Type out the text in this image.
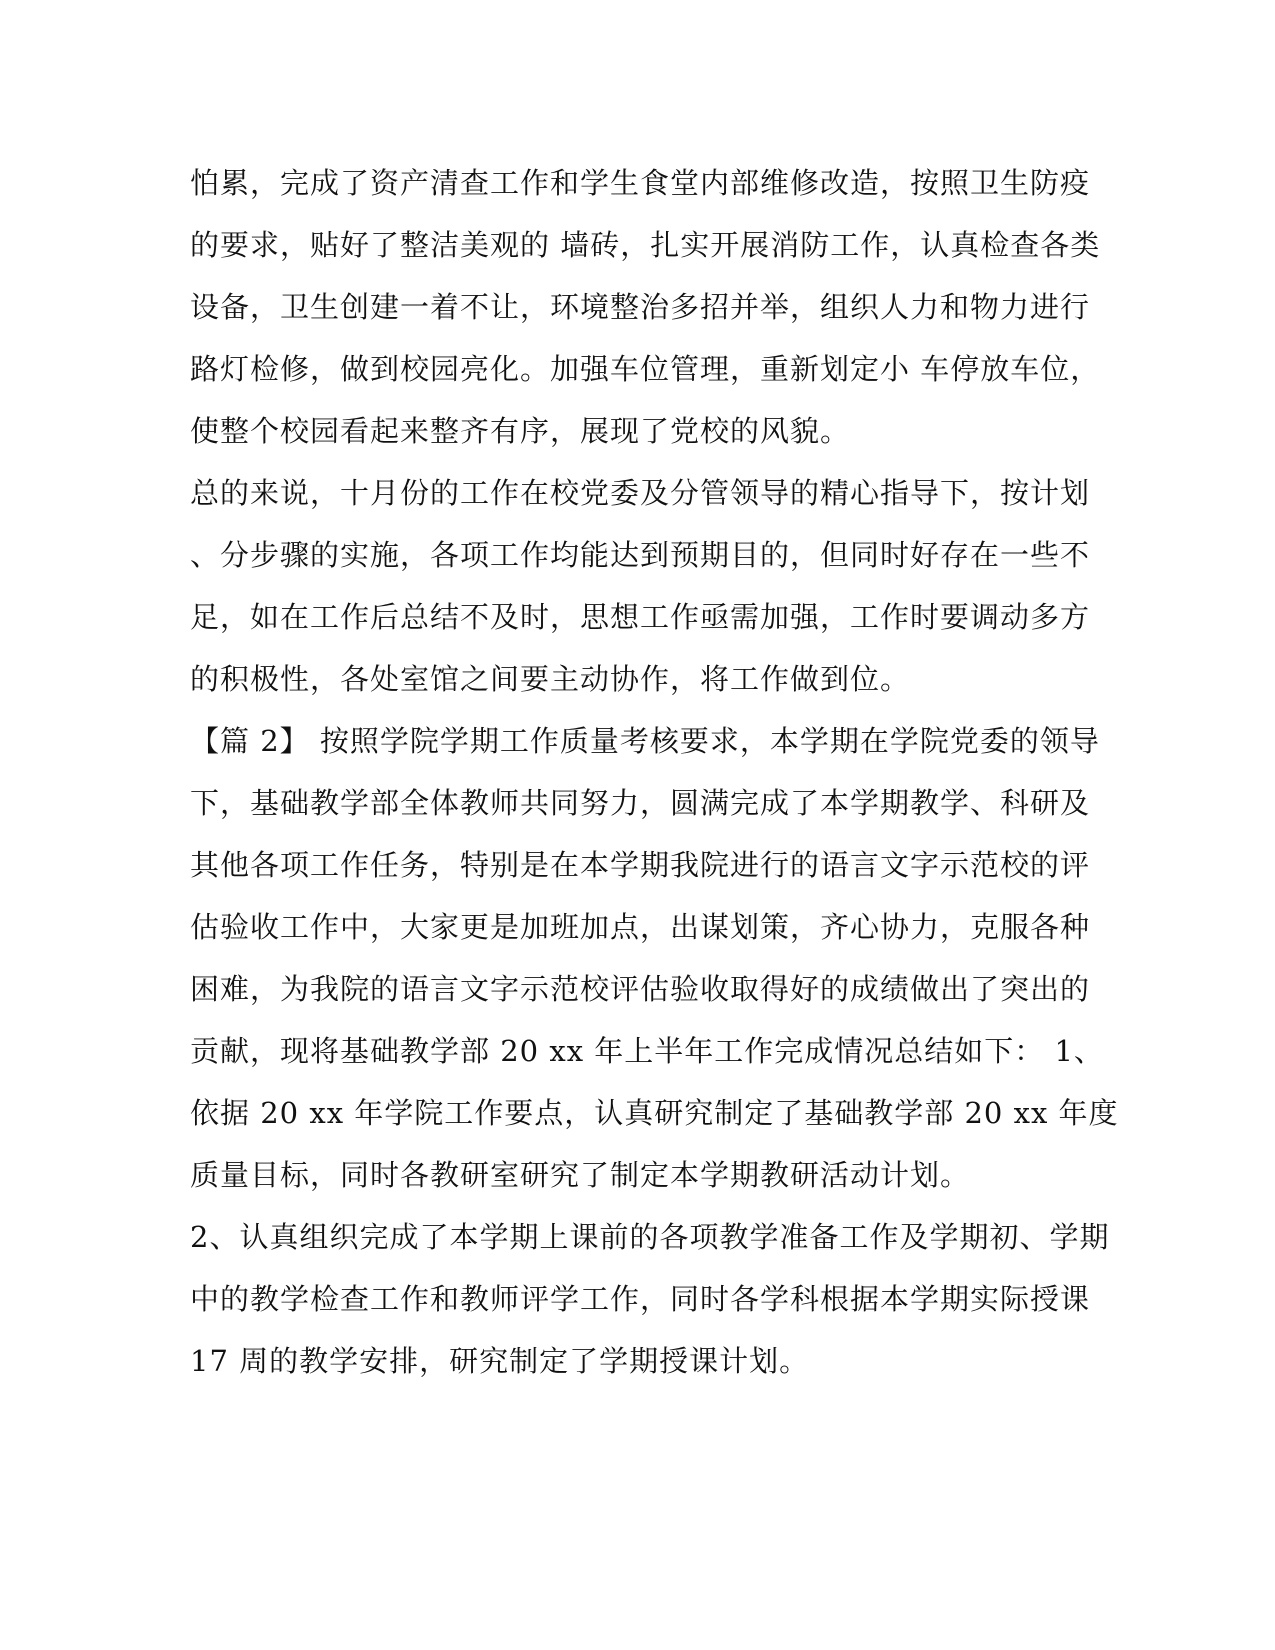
怕累，完成了资产清查工作和学生食堂内部维修改造，按照卫生防疫
的要求，贴好了整洁美观的 墙砖，扎实开展消防工作，认真检查各类
设备，卫生创建一着不让，环境整治多招并举，组织人力和物力进行
路灯检修，做到校园亮化。加强车位管理，重新划定小 车停放车位，
使整个校园看起来整齐有序，展现了党校的风貌。
总的来说，十月份的工作在校党委及分管领导的精心指导下，按计划
、分步骤的实施，各项工作均能达到预期目的，但同时好存在一些不
足，如在工作后总结不及时，思想工作亟需加强，工作时要调动多方
的积极性，各处室馆之间要主动协作，将工作做到位。
【篇 2】 按照学院学期工作质量考核要求，本学期在学院党委的领导
下，基础教学部全体教师共同努力，圆满完成了本学期教学、科研及
其他各项工作任务，特别是在本学期我院进行的语言文字示范校的评
估验收工作中，大家更是加班加点，出谋划策，齐心协力，克服各种
困难，为我院的语言文字示范校评估验收取得好的成绩做出了突出的
贡献，现将基础教学部 20 xx 年上半年工作完成情况总结如下： 1、
依据 20 xx 年学院工作要点，认真研究制定了基础教学部 20 xx 年度
质量目标，同时各教研室研究了制定本学期教研活动计划。
2、认真组织完成了本学期上课前的各项教学准备工作及学期初、学期
中的教学检查工作和教师评学工作，同时各学科根据本学期实际授课
17 周的教学安排，研究制定了学期授课计划。
